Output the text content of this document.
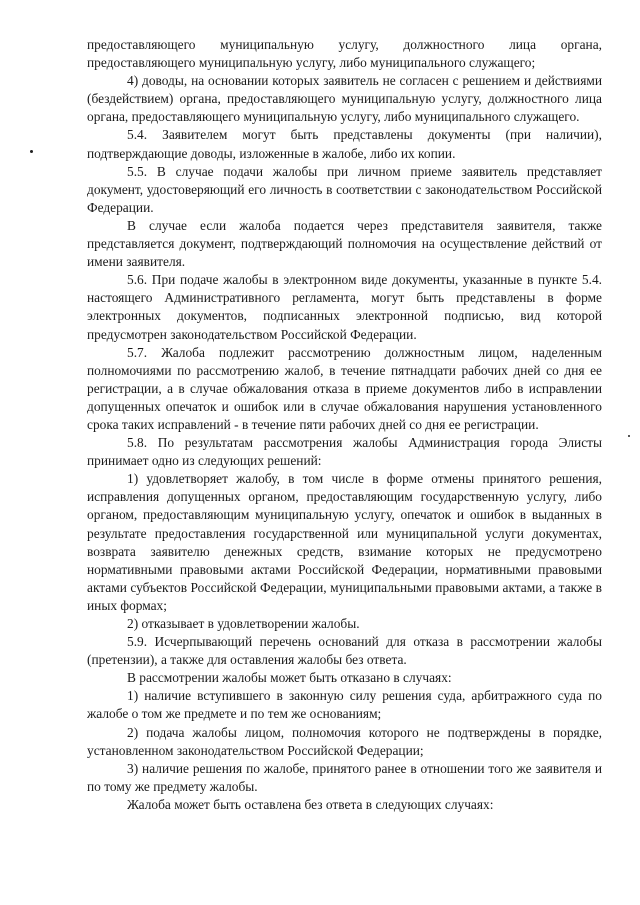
предоставляющего муниципальную услугу, должностного лица органа, предоставляющего муниципальную услугу, либо муниципального служащего;

4) доводы, на основании которых заявитель не согласен с решением и действиями (бездействием) органа, предоставляющего муниципальную услугу, должностного лица органа, предоставляющего муниципальную услугу, либо муниципального служащего.

5.4. Заявителем могут быть представлены документы (при наличии), подтверждающие доводы, изложенные в жалобе, либо их копии.

5.5. В случае подачи жалобы при личном приеме заявитель представляет документ, удостоверяющий его личность в соответствии с законодательством Российской Федерации.

В случае если жалоба подается через представителя заявителя, также представляется документ, подтверждающий полномочия на осуществление действий от имени заявителя.

5.6. При подаче жалобы в электронном виде документы, указанные в пункте 5.4. настоящего Административного регламента, могут быть представлены в форме электронных документов, подписанных электронной подписью, вид которой предусмотрен законодательством Российской Федерации.

5.7. Жалоба подлежит рассмотрению должностным лицом, наделенным полномочиями по рассмотрению жалоб, в течение пятнадцати рабочих дней со дня ее регистрации, а в случае обжалования отказа в приеме документов либо в исправлении допущенных опечаток и ошибок или в случае обжалования нарушения установленного срока таких исправлений - в течение пяти рабочих дней со дня ее регистрации.

5.8. По результатам рассмотрения жалобы Администрация города Элисты принимает одно из следующих решений:

1) удовлетворяет жалобу, в том числе в форме отмены принятого решения, исправления допущенных органом, предоставляющим государственную услугу, либо органом, предоставляющим муниципальную услугу, опечаток и ошибок в выданных в результате предоставления государственной или муниципальной услуги документах, возврата заявителю денежных средств, взимание которых не предусмотрено нормативными правовыми актами Российской Федерации, нормативными правовыми актами субъектов Российской Федерации, муниципальными правовыми актами, а также в иных формах;

2) отказывает в удовлетворении жалобы.

5.9. Исчерпывающий перечень оснований для отказа в рассмотрении жалобы (претензии), а также для оставления жалобы без ответа.

В рассмотрении жалобы может быть отказано в случаях:

1) наличие вступившего в законную силу решения суда, арбитражного суда по жалобе о том же предмете и по тем же основаниям;

2) подача жалобы лицом, полномочия которого не подтверждены в порядке, установленном законодательством Российской Федерации;

3) наличие решения по жалобе, принятого ранее в отношении того же заявителя и по тому же предмету жалобы.

Жалоба может быть оставлена без ответа в следующих случаях:
